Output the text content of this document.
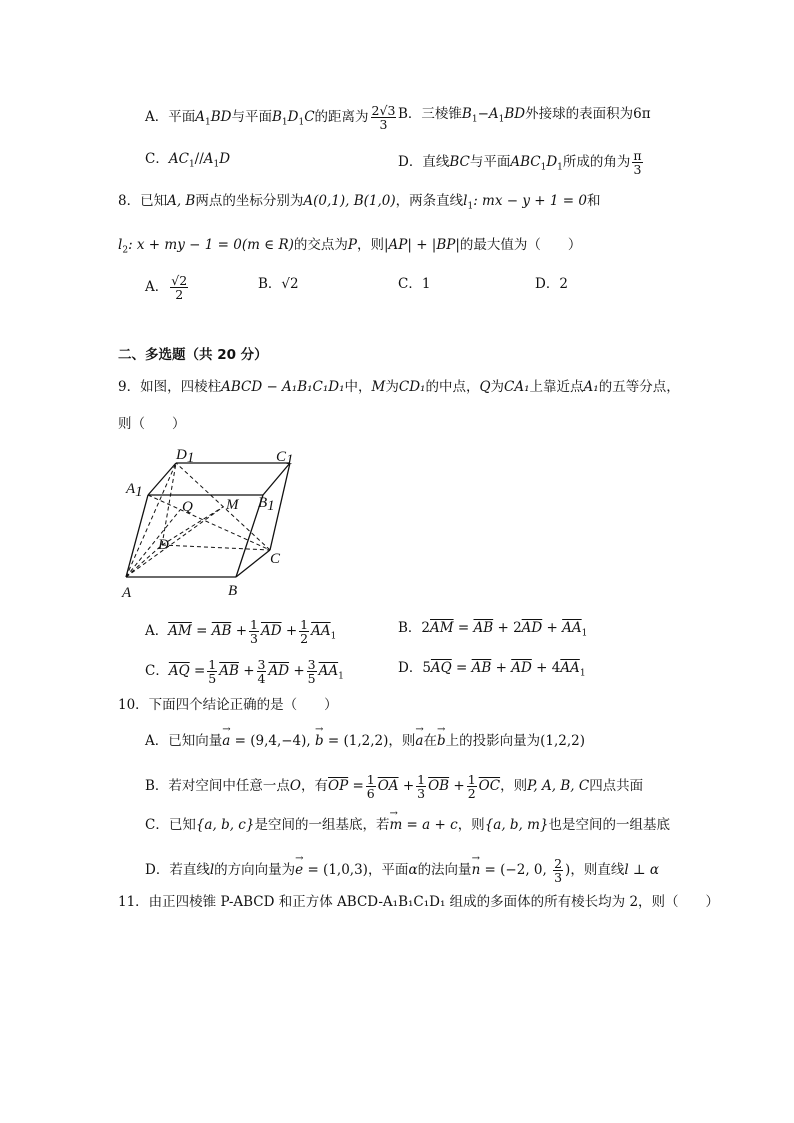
A．平面$A_1BD$与平面$B_1D_1C$的距离为 $\frac{2√3}{3}$ B．三棱锥$B_1-A_1BD$外接球的表面积为6π
C．$AC_1//A_1D$	D．直线BC与平面$ABC_1D_1$所成的角为 $\frac{\pi}{3}$
8．已知A, B两点的坐标分别为A(0,1), B(1,0)，两条直线$l_1$: mx − y + 1 = 0和
$l_2$: x + my − 1 = 0(m ∈ R)的交点为P，则|AP| + |BP|的最大值为（　　）
A． $\frac{√2}{2}$	B．√2	C．1	D．2
二、多选题（共 20 分）
9．如图，四棱柱ABCD − A₁B₁C₁D₁中，M为CD₁的中点，Q为CA₁上靠近点A₁的五等分点，
则（　　）
D1	C1
A1
B1
Q M
D
C
A	B
A．$\overline{AM} = \overline{AB} + \frac{1}{3} \overline{AD} + \frac{1}{2} \overline{AA}_1$
B．$2\overline{AM} = \overline{AB} + 2\overline{AD} + \overline{AA}_1$
C．$\overline{AQ} = \frac{1}{5} \overline{AB} + \frac{3}{4} \overline{AD} + \frac{3}{5} \overline{AA}_1$
D．$5\overline{AQ} = \overline{AB} + \overline{AD} + 4\overline{AA}_1$
10．下面四个结论正确的是（　　）
A．已知向量→ a = (9,4,−4), → b = (1,2,2)，则→ a在→ b上的投影向量为(1,2,2)
B．若对空间中任意一点O，有$\overline{OP} = \frac{1}{6} \overline{OA} + \frac{1}{3} \overline{OB} + \frac{1}{2} \overline{OC}$，则P, A, B, C四点共面
C．已知{a, b, c}是空间的一组基底，若→ m = a + c，则{a, b, m}也是空间的一组基底
D．若直线l的方向向量为→ e = (1,0,3)，平面α的法向量→ n = (−2, 0, $\frac{2}{3}$ )，则直线l ⊥ α
11．由正四棱锥 P-ABCD 和正方体 ABCD-A₁B₁C₁D₁ 组成的多面体的所有棱长均为 2，则（　　）
